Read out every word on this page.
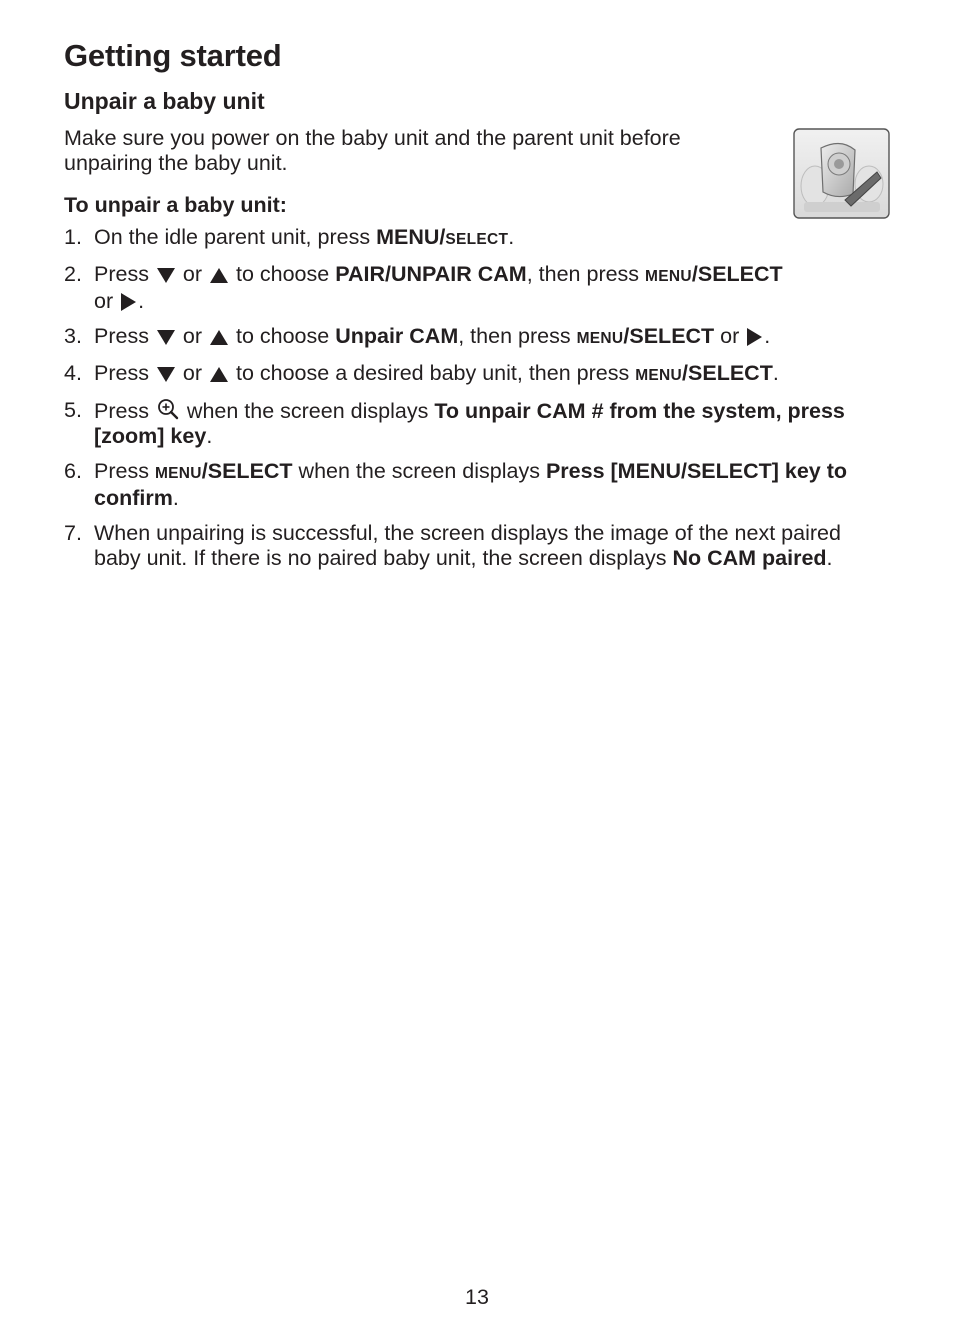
Getting started
Unpair a baby unit

Make sure you power on the baby unit and the parent unit before unpairing the baby unit.

To unpair a baby unit:

1. On the idle parent unit, press MENU/SELECT.
2. Press  or  to choose PAIR/UNPAIR CAM, then press MENU/SELECT
or .
3. Press  or  to choose Unpair CAM, then press MENU/SELECT or .
4. Press  or  to choose a desired baby unit, then press MENU/SELECT.
5. Press  when the screen displays To unpair CAM # from the system, press [zoom] key.
6. Press MENU/SELECT when the screen displays Press [MENU/SELECT] key to confirm.
7. When unpairing is successful, the screen displays the image of the next paired baby unit. If there is no paired baby unit, the screen displays No CAM paired.

13
